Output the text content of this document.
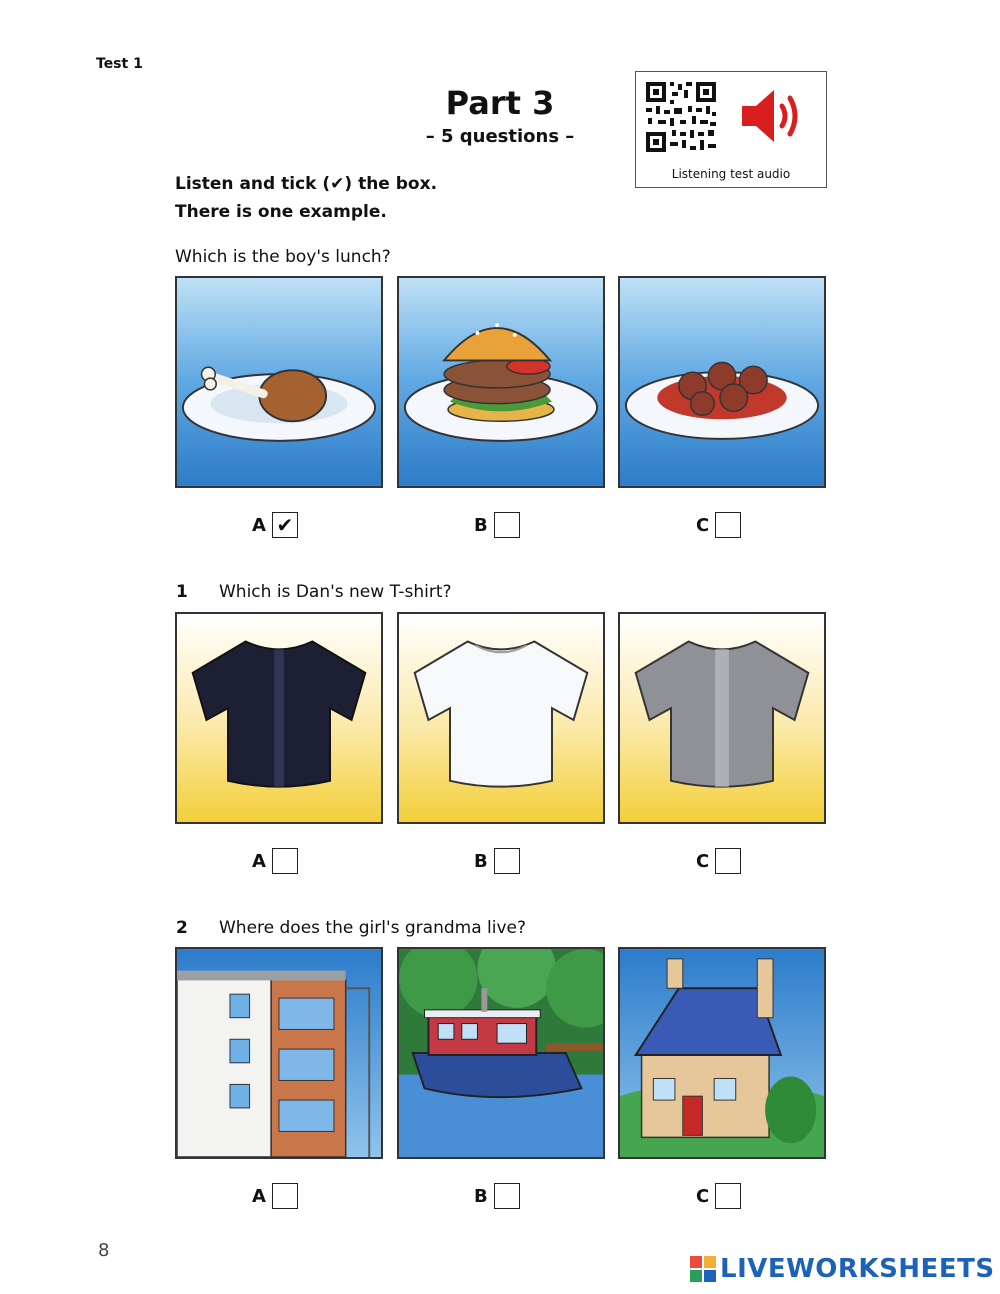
Test 1
Part 3
– 5 questions –
Listening test audio
Listen and tick (✔) the box.
There is one example.
Which is the boy's lunch?
A ✔	B	C
1 Which is Dan's new T-shirt?
A	B	C
2 Where does the girl's grandma live?
A	B	C
8
LIVEWORKSHEETS
